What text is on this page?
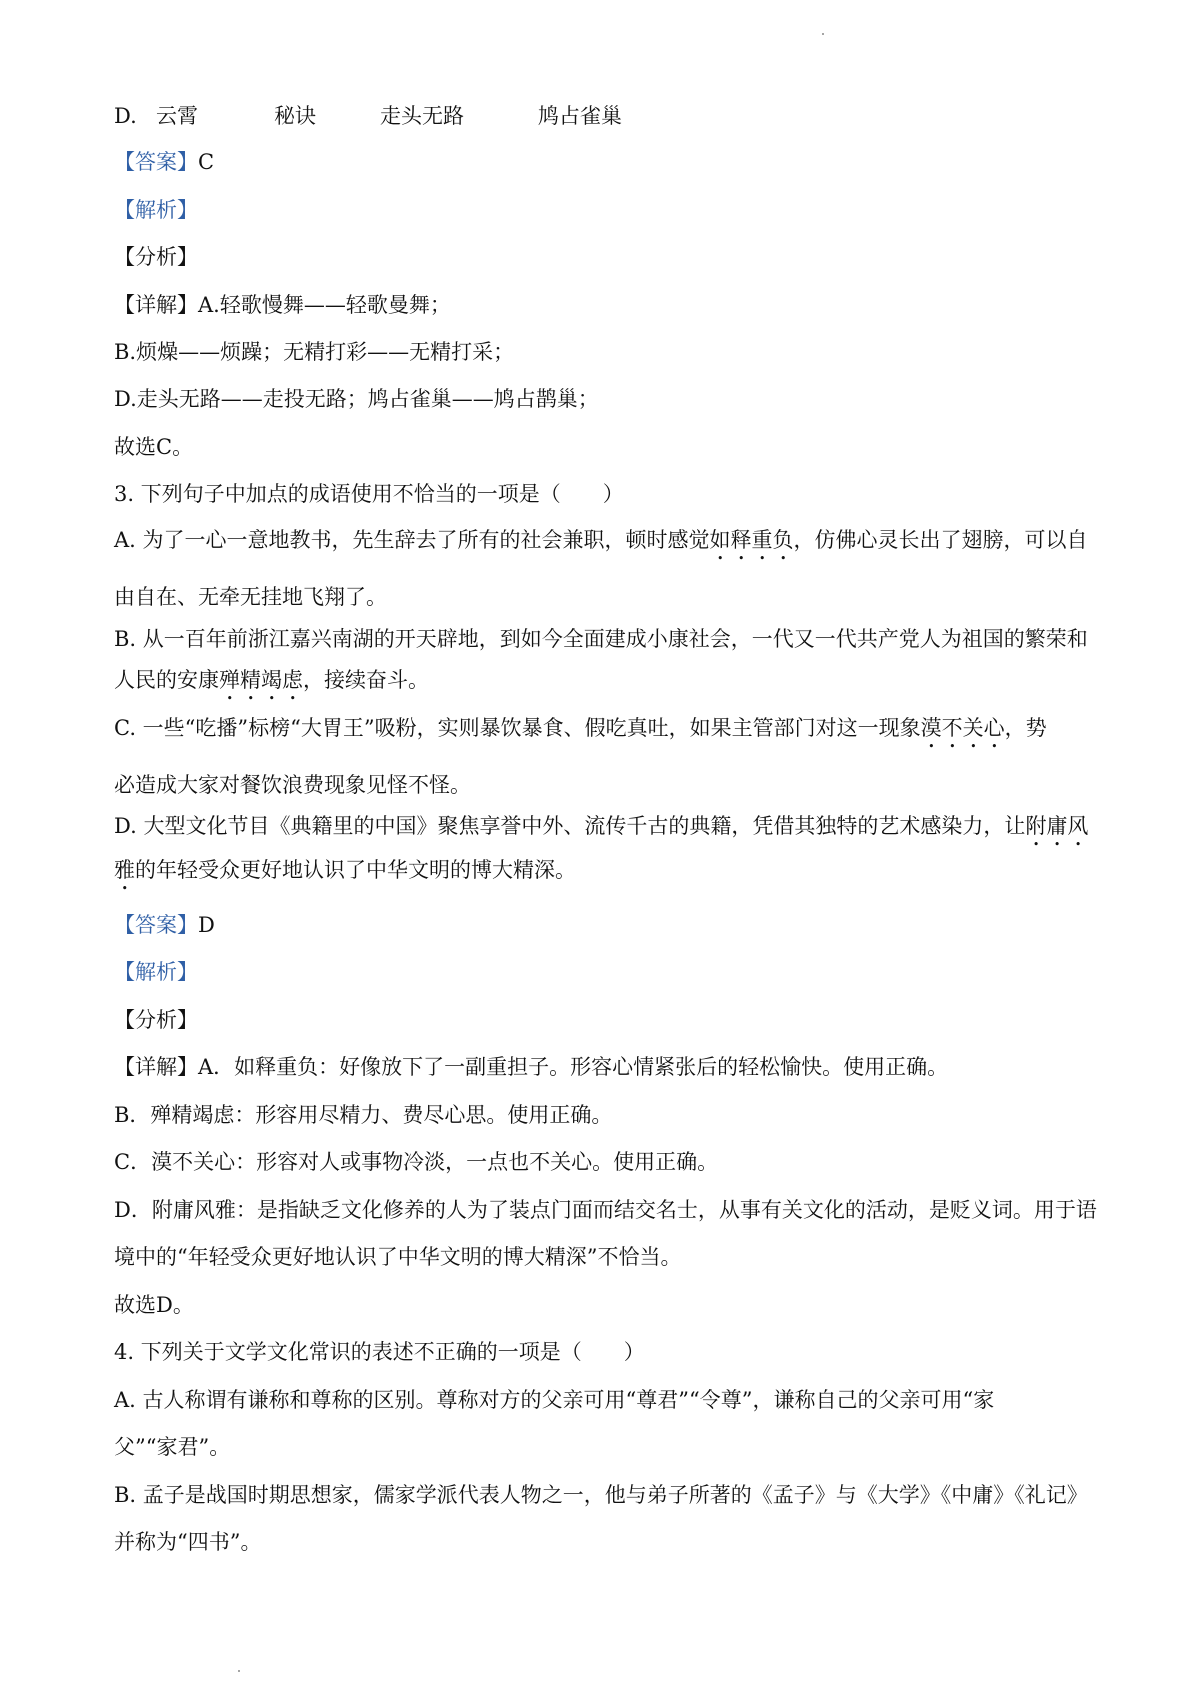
D. 云霄	秘诀	走头无路	鸠占雀巢
【答案】C
【解析】
【分析】
【详解】A.轻歌慢舞——轻歌曼舞；
B.烦燥——烦躁；无精打彩——无精打采；
D.走头无路——走投无路；鸠占雀巢——鸠占鹊巢；
故选C。
3. 下列句子中加点的成语使用不恰当的一项是（　　）
A. 为了一心一意地教书，先生辞去了所有的社会兼职，顿时感觉如释重负，仿佛心灵长出了翅膀，可以自
由自在、无牵无挂地飞翔了。
B. 从一百年前浙江嘉兴南湖的开天辟地，到如今全面建成小康社会，一代又一代共产党人为祖国的繁荣和
人民的安康殚精竭虑，接续奋斗。
C. 一些“吃播”标榜“大胃王”吸粉，实则暴饮暴食、假吃真吐，如果主管部门对这一现象漠不关心，势
必造成大家对餐饮浪费现象见怪不怪。
D. 大型文化节目《典籍里的中国》聚焦享誉中外、流传千古的典籍，凭借其独特的艺术感染力，让附庸风
雅的年轻受众更好地认识了中华文明的博大精深。
【答案】D
【解析】
【分析】
【详解】A．如释重负：好像放下了一副重担子。形容心情紧张后的轻松愉快。使用正确。
B．殚精竭虑：形容用尽精力、费尽心思。使用正确。
C．漠不关心：形容对人或事物冷淡，一点也不关心。使用正确。
D．附庸风雅：是指缺乏文化修养的人为了装点门面而结交名士，从事有关文化的活动，是贬义词。用于语
境中的“年轻受众更好地认识了中华文明的博大精深”不恰当。
故选D。
4. 下列关于文学文化常识的表述不正确的一项是（　　）
A. 古人称谓有谦称和尊称的区别。尊称对方的父亲可用“尊君”“令尊”，谦称自己的父亲可用“家
父”“家君”。
B. 孟子是战国时期思想家，儒家学派代表人物之一，他与弟子所著的《孟子》与《大学》《中庸》《礼记》
并称为“四书”。
